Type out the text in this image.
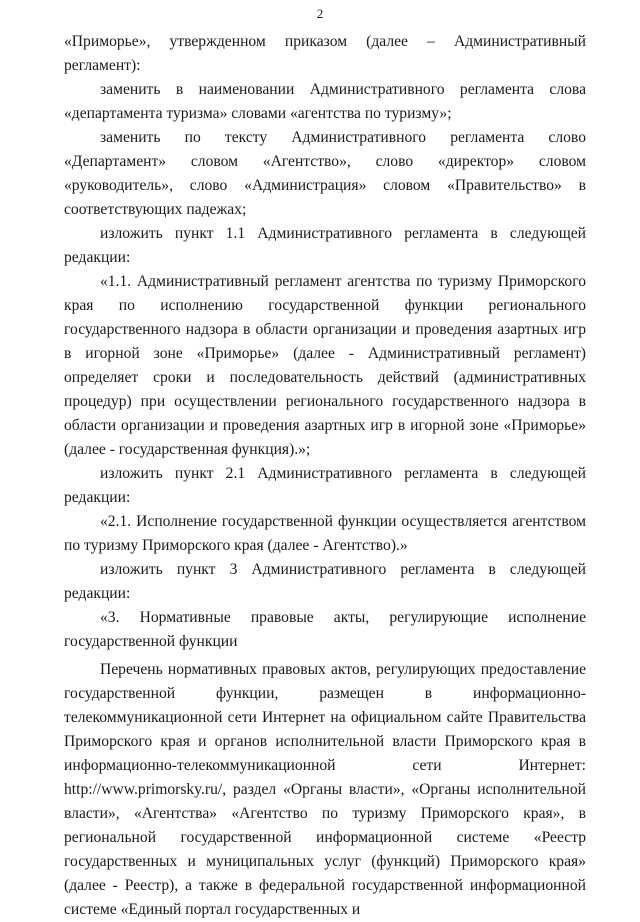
2

«Приморье», утвержденном приказом (далее – Административный регламент):

заменить в наименовании Административного регламента слова «департамента туризма» словами «агентства по туризму»;

заменить по тексту Административного регламента слово «Департамент» словом «Агентство», слово «директор» словом «руководитель», слово «Администрация» словом «Правительство» в соответствующих падежах;

изложить пункт 1.1 Административного регламента в следующей редакции:

«1.1. Административный регламент агентства по туризму Приморского края по исполнению государственной функции регионального государственного надзора в области организации и проведения азартных игр в игорной зоне «Приморье» (далее - Административный регламент) определяет сроки и последовательность действий (административных процедур) при осуществлении регионального государственного надзора в области организации и проведения азартных игр в игорной зоне «Приморье» (далее - государственная функция).»;

изложить пункт 2.1 Административного регламента в следующей редакции:

«2.1. Исполнение государственной функции осуществляется агентством по туризму Приморского края (далее - Агентство).»

изложить пункт 3 Административного регламента в следующей редакции:

«3. Нормативные правовые акты, регулирующие исполнение государственной функции

Перечень нормативных правовых актов, регулирующих предоставление государственной функции, размещен в информационно-телекоммуникационной сети Интернет на официальном сайте Правительства Приморского края и органов исполнительной власти Приморского края в информационно-телекоммуникационной сети Интернет: http://www.primorsky.ru/, раздел «Органы власти», «Органы исполнительной власти», «Агентства» «Агентство по туризму Приморского края», в региональной государственной информационной системе «Реестр государственных и муниципальных услуг (функций) Приморского края» (далее - Реестр), а также в федеральной государственной информационной системе «Единый портал государственных и
